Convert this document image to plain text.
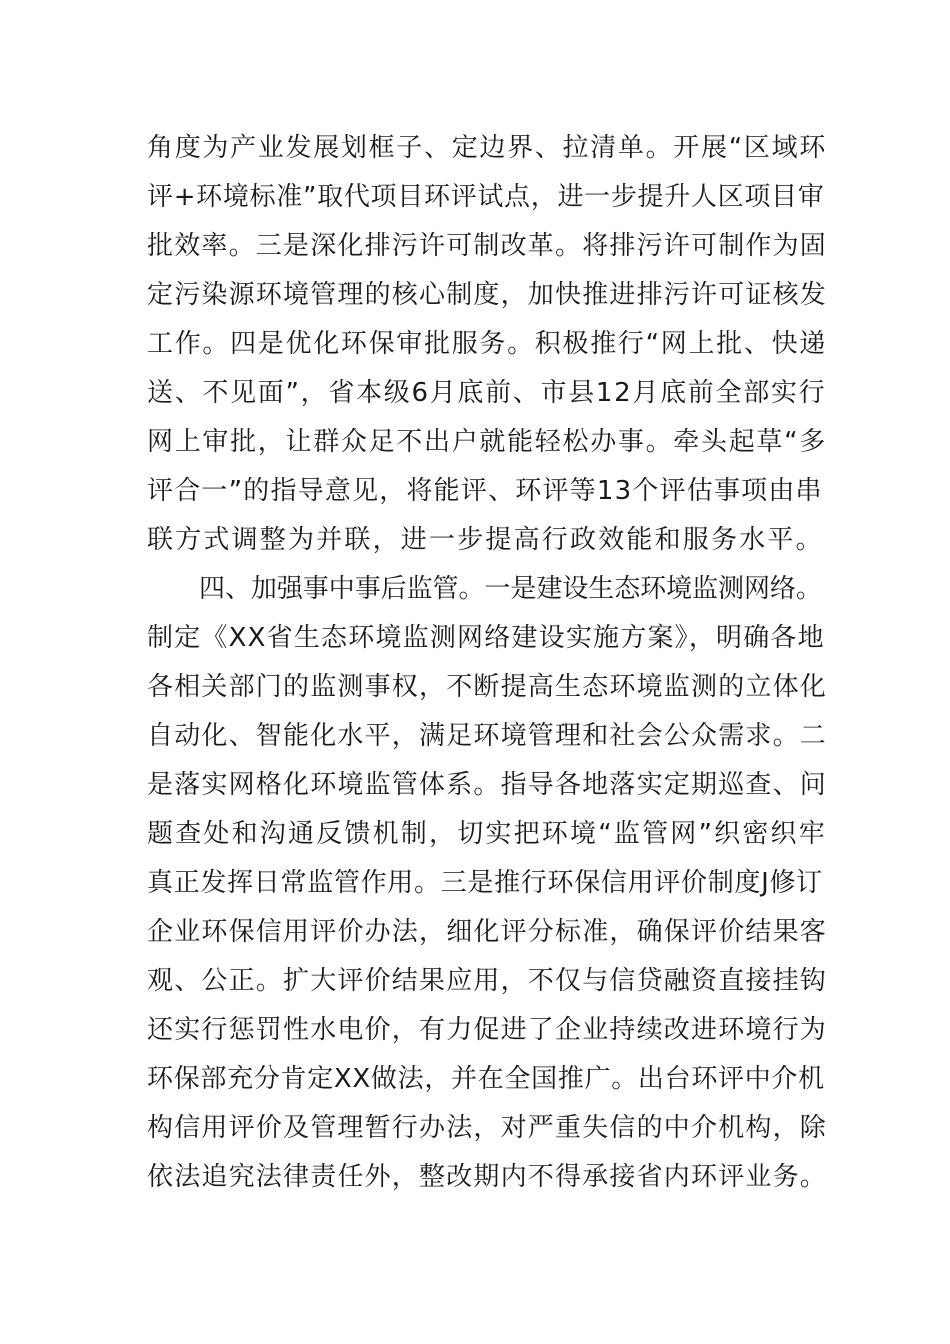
角度为产业发展划框子、定边界、拉清单。开展“区域环
评+环境标准”取代项目环评试点，进一步提升人区项目审
批效率。三是深化排污许可制改革。将排污许可制作为固
定污染源环境管理的核心制度，加快推进排污许可证核发
工作。四是优化环保审批服务。积极推行“网上批、快递
送、不见面”，省本级6月底前、市县12月底前全部实行
网上审批，让群众足不出户就能轻松办事。牵头起草“多
评合一”的指导意见，将能评、环评等13个评估事项由串
联方式调整为并联，进一步提高行政效能和服务水平。
四、加强事中事后监管。一是建设生态环境监测网络。
制定《XX省生态环境监测网络建设实施方案》，明确各地
各相关部门的监测事权，不断提高生态环境监测的立体化
自动化、智能化水平，满足环境管理和社会公众需求。二
是落实网格化环境监管体系。指导各地落实定期巡查、问
题查处和沟通反馈机制，切实把环境“监管网”织密织牢
真正发挥日常监管作用。三是推行环保信用评价制度J修订
企业环保信用评价办法，细化评分标准，确保评价结果客
观、公正。扩大评价结果应用，不仅与信贷融资直接挂钩
还实行惩罚性水电价，有力促进了企业持续改进环境行为
环保部充分肯定XX做法，并在全国推广。出台环评中介机
构信用评价及管理暂行办法，对严重失信的中介机构，除
依法追究法律责任外，整改期内不得承接省内环评业务。
